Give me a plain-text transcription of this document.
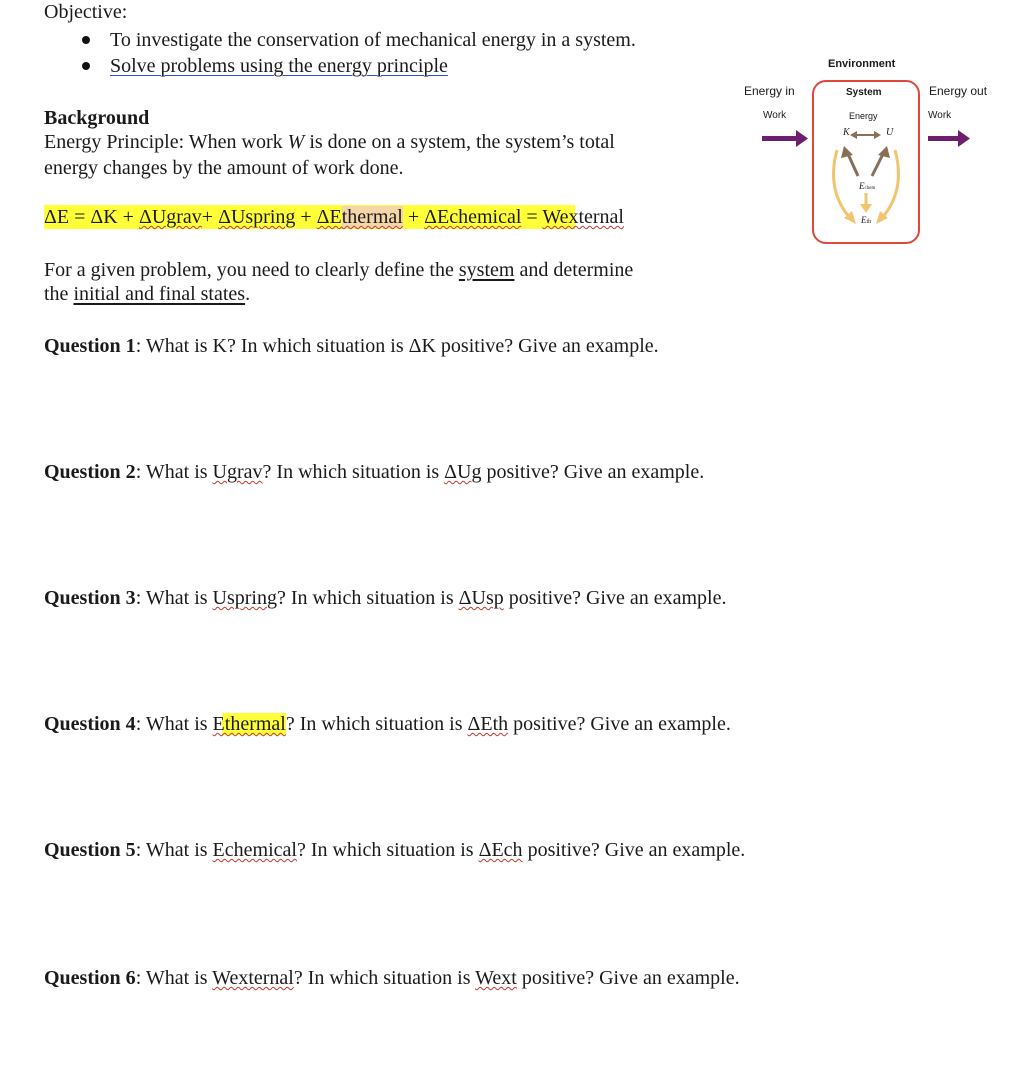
Objective:
To investigate the conservation of mechanical energy in a system.
Solve problems using the energy principle
Background
Energy Principle: When work W is done on a system, the system’s total
energy changes by the amount of work done.
ΔE = ΔK + ΔUgrav+ ΔUspring + ΔEthermal + ΔEchemical = Wexternal
For a given problem, you need to clearly define the system and determine
the initial and final states.
Environment
Energy in
Work
Energy out
Work
System
Energy
K	U
Echem
Eth
Question 1: What is K? In which situation is ΔK positive? Give an example.
Question 2: What is Ugrav? In which situation is ΔUg positive? Give an example.
Question 3: What is Uspring? In which situation is ΔUsp positive? Give an example.
Question 4: What is Ethermal? In which situation is ΔEth positive? Give an example.
Question 5: What is Echemical? In which situation is ΔEch positive? Give an example.
Question 6: What is Wexternal? In which situation is Wext positive? Give an example.
